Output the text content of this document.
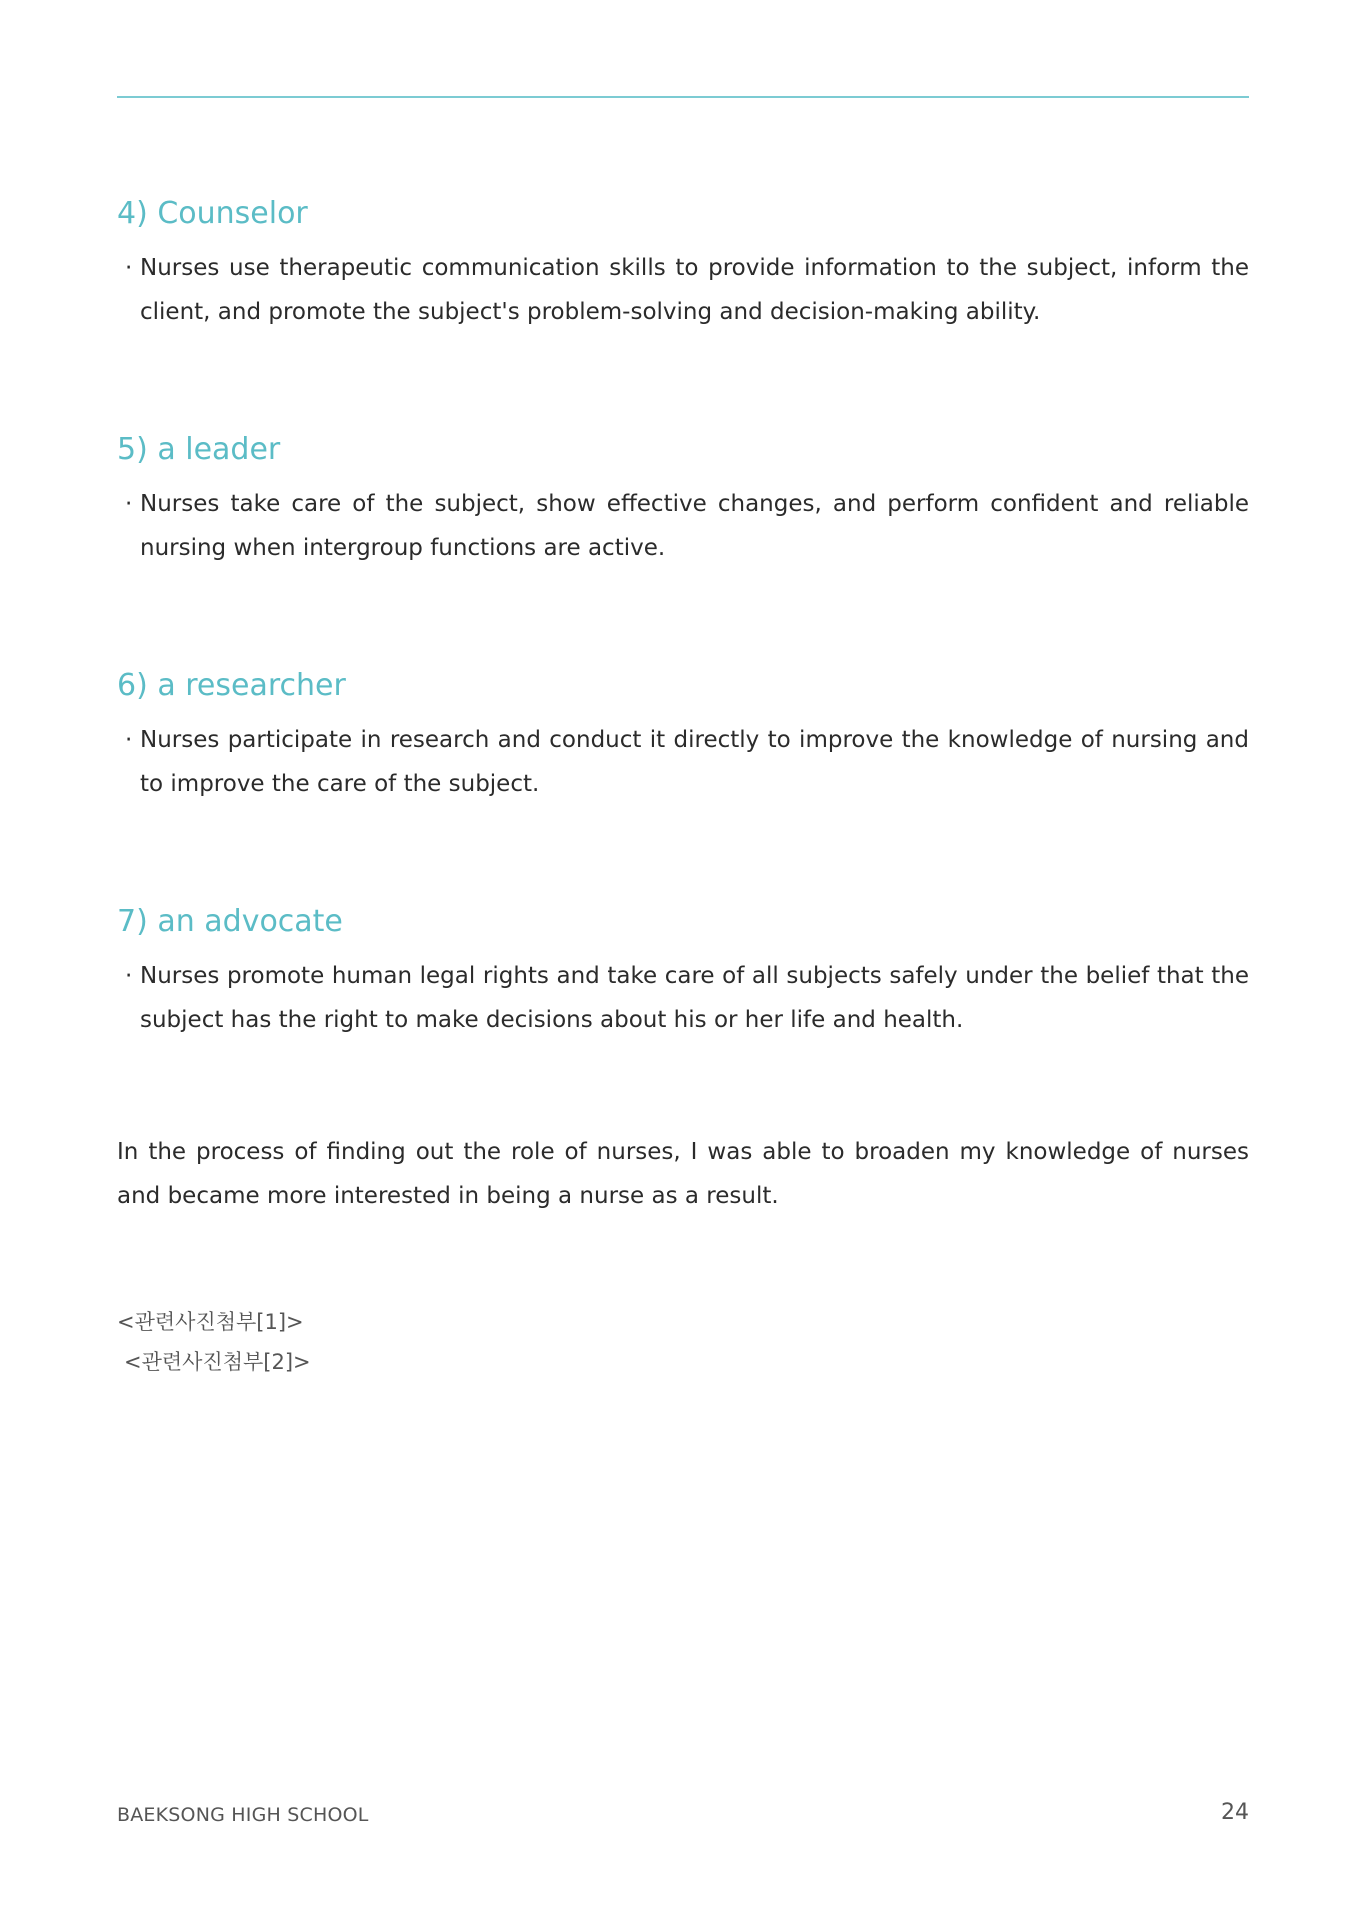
4) Counselor
· Nurses use therapeutic communication skills to provide information to the subject, inform the client, and promote the subject's problem-solving and decision-making ability.
5) a leader
· Nurses take care of the subject, show effective changes, and perform confident and reliable nursing when intergroup functions are active.
6) a researcher
· Nurses participate in research and conduct it directly to improve the knowledge of nursing and to improve the care of the subject.
7) an advocate
· Nurses promote human legal rights and take care of all subjects safely under the belief that the subject has the right to make decisions about his or her life and health.

In the process of finding out the role of nurses, I was able to broaden my knowledge of nurses and became more interested in being a nurse as a result.

<관련사진첨부[1]>
<관련사진첨부[2]>
BAEKSONG HIGH SCHOOL	24
